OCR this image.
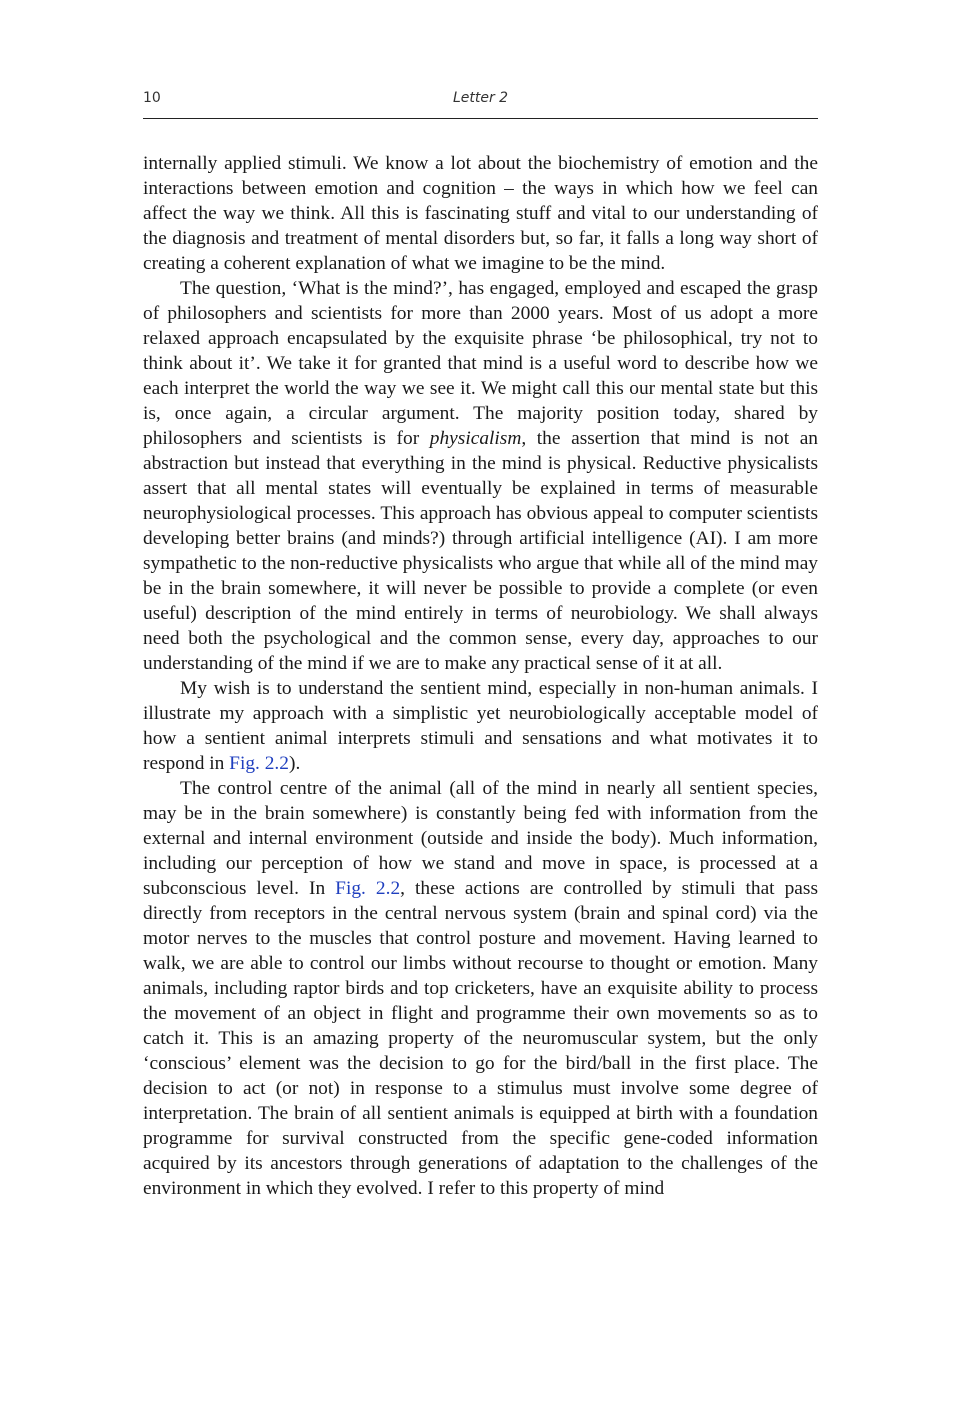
10	Letter 2

internally applied stimuli. We know a lot about the biochemistry of emotion and the interactions between emotion and cognition – the ways in which how we feel can affect the way we think. All this is fascinating stuff and vital to our understanding of the diagnosis and treatment of mental disorders but, so far, it falls a long way short of creating a coherent explanation of what we imagine to be the mind.

The question, ‘What is the mind?’, has engaged, employed and escaped the grasp of philosophers and scientists for more than 2000 years. Most of us adopt a more relaxed approach encapsulated by the exquisite phrase ‘be philosophical, try not to think about it’. We take it for granted that mind is a useful word to describe how we each interpret the world the way we see it. We might call this our mental state but this is, once again, a circular argument. The majority position today, shared by philosophers and scientists is for physicalism, the assertion that mind is not an abstraction but instead that everything in the mind is physical. Reductive physicalists assert that all mental states will eventually be explained in terms of measurable neurophysiological processes. This approach has obvious appeal to computer scientists developing better brains (and minds?) through artificial intelligence (AI). I am more sympathetic to the non-reductive physicalists who argue that while all of the mind may be in the brain somewhere, it will never be possible to provide a complete (or even useful) description of the mind entirely in terms of neurobiology. We shall always need both the psychological and the common sense, every day, approaches to our understanding of the mind if we are to make any practical sense of it at all.

My wish is to understand the sentient mind, especially in non-human animals. I illustrate my approach with a simplistic yet neurobiologically acceptable model of how a sentient animal interprets stimuli and sensations and what motivates it to respond in Fig. 2.2).

The control centre of the animal (all of the mind in nearly all sentient species, may be in the brain somewhere) is constantly being fed with information from the external and internal environment (outside and inside the body). Much information, including our perception of how we stand and move in space, is processed at a subconscious level. In Fig. 2.2, these actions are controlled by stimuli that pass directly from receptors in the central nervous system (brain and spinal cord) via the motor nerves to the muscles that control posture and movement. Having learned to walk, we are able to control our limbs without recourse to thought or emotion. Many animals, including raptor birds and top cricketers, have an exquisite ability to process the movement of an object in flight and programme their own movements so as to catch it. This is an amazing property of the neuromuscular system, but the only ‘conscious’ element was the decision to go for the bird/ball in the first place. The decision to act (or not) in response to a stimulus must involve some degree of interpretation. The brain of all sentient animals is equipped at birth with a foundation programme for survival constructed from the specific gene-coded information acquired by its ancestors through generations of adaptation to the challenges of the environment in which they evolved. I refer to this property of mind
